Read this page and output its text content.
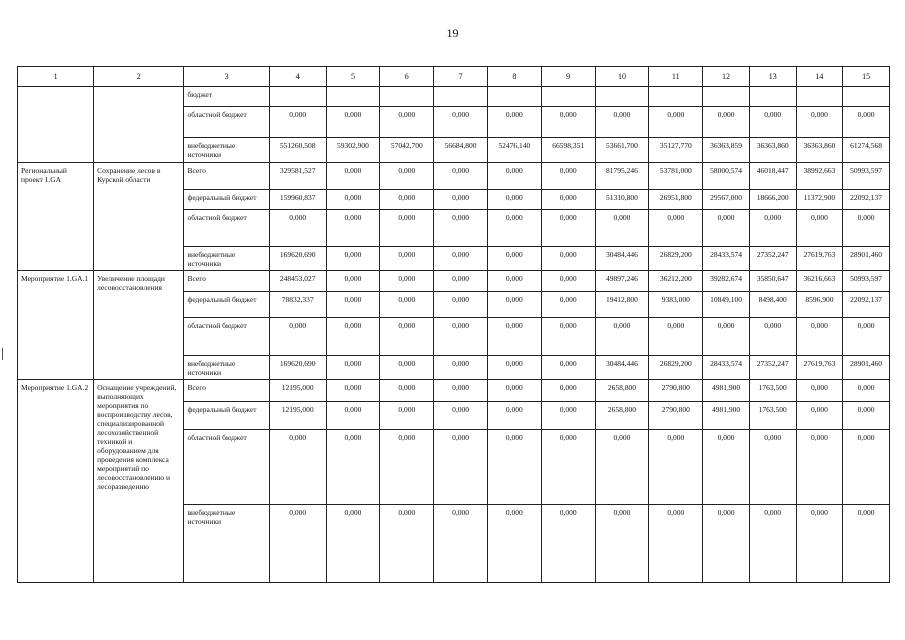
19
1	2	3	4	5	6	7	8	9	10	11	12	13	14	15
		бюджет												
		областной бюджет	0,000	0,000	0,000	0,000	0,000	0,000	0,000	0,000	0,000	0,000	0,000	0,000
		внебюджетные источники	551260,508	59302,900	57042,700	56684,800	52476,140	66598,351	53661,700	35127,770	36363,859	36363,860	36363,860	61274,568
Региональный проект 1.GA	Сохранение лесов в Курской области	Всего	329581,527	0,000	0,000	0,000	0,000	0,000	81795,246	53781,000	58000,574	46018,447	38992,663	50993,597
		федеральный бюджет	159960,837	0,000	0,000	0,000	0,000	0,000	51310,800	26951,800	29567,000	18666,200	11372,900	22092,137
		областной бюджет	0,000	0,000	0,000	0,000	0,000	0,000	0,000	0,000	0,000	0,000	0,000	0,000
		внебюджетные источники	169620,690	0,000	0,000	0,000	0,000	0,000	30484,446	26829,200	28433,574	27352,247	27619,763	28901,460
Мероприятие 1.GA.1	Увеличение площади лесовосстановления	Всего	248453,027	0,000	0,000	0,000	0,000	0,000	49897,246	36212,200	39282,674	35850,647	36216,663	50993,597
		федеральный бюджет	78832,337	0,000	0,000	0,000	0,000	0,000	19412,800	9383,000	10849,100	8498,400	8596,900	22092,137
		областной бюджет	0,000	0,000	0,000	0,000	0,000	0,000	0,000	0,000	0,000	0,000	0,000	0,000
		внебюджетные источники	169620,690	0,000	0,000	0,000	0,000	0,000	30484,446	26829,200	28433,574	27352,247	27619,763	28901,460
Мероприятие 1.GA.2	Оснащение учреждений, выполняющих мероприятия по воспроизводству лесов, специализированной лесохозяйственной техникой и оборудованием для проведения комплекса мероприятий по лесовосстановлению и лесоразведению	Всего	12195,000	0,000	0,000	0,000	0,000	0,000	2658,800	2790,800	4981,900	1763,500	0,000	0,000
		федеральный бюджет	12195,000	0,000	0,000	0,000	0,000	0,000	2658,800	2790,800	4981,900	1763,500	0,000	0,000
		областной бюджет	0,000	0,000	0,000	0,000	0,000	0,000	0,000	0,000	0,000	0,000	0,000	0,000
		внебюджетные источники	0,000	0,000	0,000	0,000	0,000	0,000	0,000	0,000	0,000	0,000	0,000	0,000
